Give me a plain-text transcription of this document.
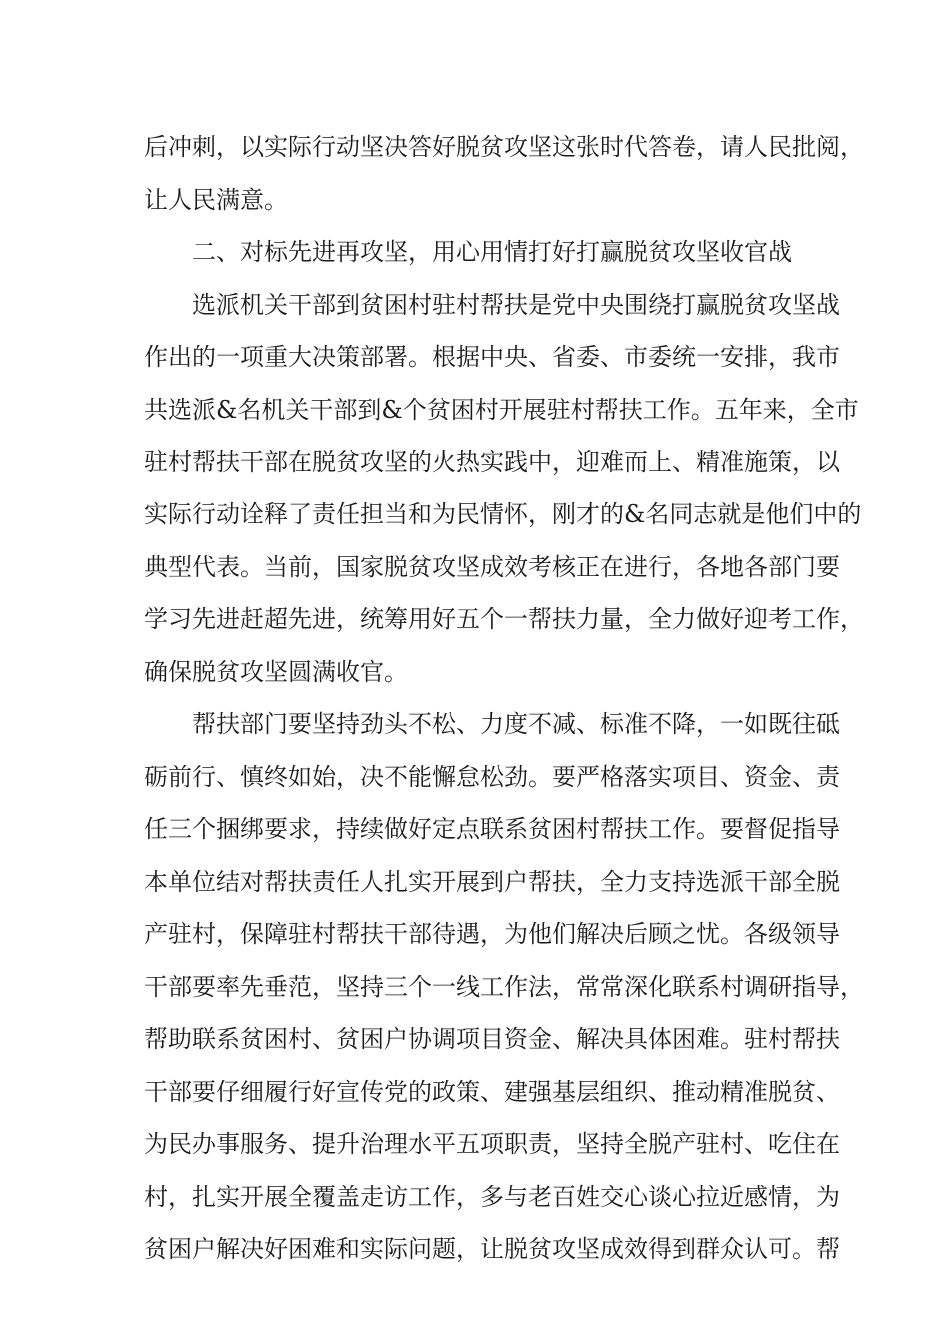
后冲刺，以实际行动坚决答好脱贫攻坚这张时代答卷，请人民批阅，
让人民满意。
二、对标先进再攻坚，用心用情打好打赢脱贫攻坚收官战
选派机关干部到贫困村驻村帮扶是党中央围绕打赢脱贫攻坚战
作出的一项重大决策部署。根据中央、省委、市委统一安排，我市
共选派&名机关干部到&个贫困村开展驻村帮扶工作。五年来，全市
驻村帮扶干部在脱贫攻坚的火热实践中，迎难而上、精准施策，以
实际行动诠释了责任担当和为民情怀，刚才的&名同志就是他们中的
典型代表。当前，国家脱贫攻坚成效考核正在进行，各地各部门要
学习先进赶超先进，统筹用好五个一帮扶力量，全力做好迎考工作，
确保脱贫攻坚圆满收官。
帮扶部门要坚持劲头不松、力度不减、标准不降，一如既往砥
砺前行、慎终如始，决不能懈怠松劲。要严格落实项目、资金、责
任三个捆绑要求，持续做好定点联系贫困村帮扶工作。要督促指导
本单位结对帮扶责任人扎实开展到户帮扶，全力支持选派干部全脱
产驻村，保障驻村帮扶干部待遇，为他们解决后顾之忧。各级领导
干部要率先垂范，坚持三个一线工作法，常常深化联系村调研指导，
帮助联系贫困村、贫困户协调项目资金、解决具体困难。驻村帮扶
干部要仔细履行好宣传党的政策、建强基层组织、推动精准脱贫、
为民办事服务、提升治理水平五项职责，坚持全脱产驻村、吃住在
村，扎实开展全覆盖走访工作，多与老百姓交心谈心拉近感情，为
贫困户解决好困难和实际问题，让脱贫攻坚成效得到群众认可。帮
